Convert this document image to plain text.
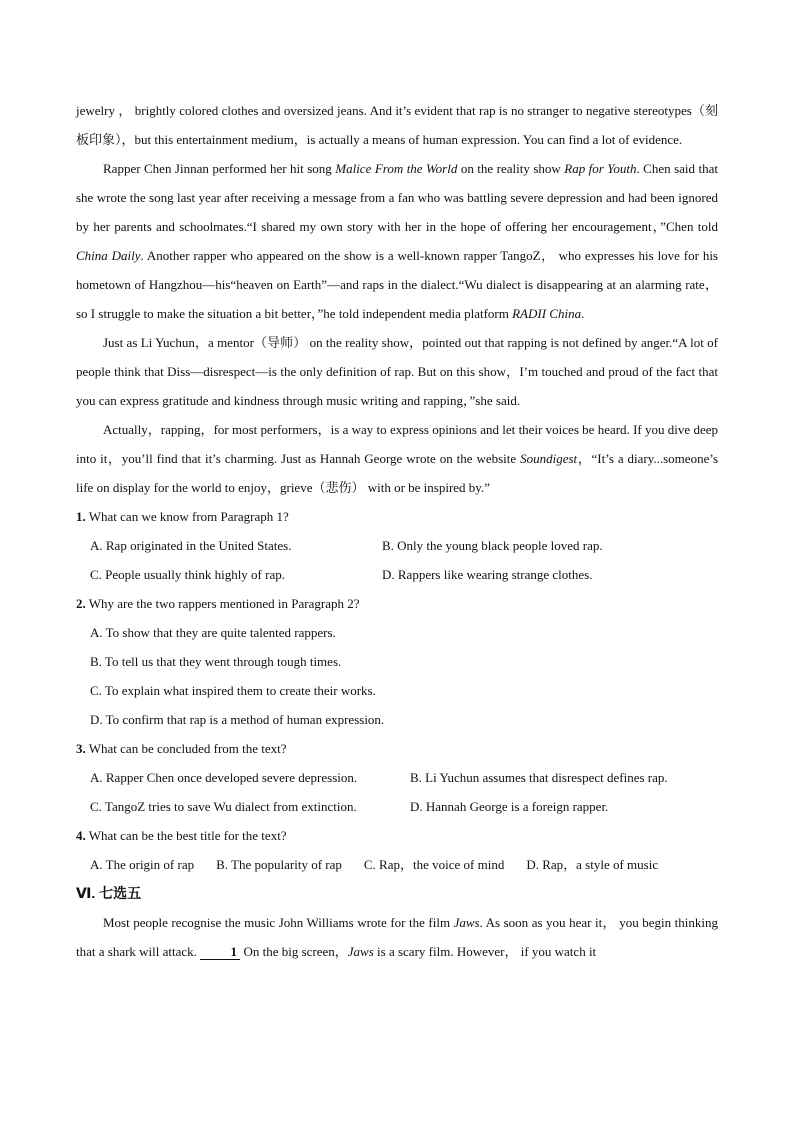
jewelry ， brightly colored clothes and oversized jeans. And it’s evident that rap is no stranger to negative stereotypes（刻板印象），but this entertainment medium，is actually a means of human expression. You can find a lot of evidence.

Rapper Chen Jinnan performed her hit song Malice From the World on the reality show Rap for Youth. Chen said that she wrote the song last year after receiving a message from a fan who was battling severe depression and had been ignored by her parents and schoolmates.“I shared my own story with her in the hope of offering her encouragement，”Chen told China Daily. Another rapper who appeared on the show is a well-known rapper TangoZ， who expresses his love for his hometown of Hangzhou—his“heaven on Earth”—and raps in the dialect.“Wu dialect is disappearing at an alarming rate， so I struggle to make the situation a bit better，”he told independent media platform RADII China.

Just as Li Yuchun，a mentor（导师） on the reality show，pointed out that rapping is not defined by anger.“A lot of people think that Diss—disrespect—is the only definition of rap. But on this show，I’m touched and proud of the fact that you can express gratitude and kindness through music writing and rapping，”she said.

Actually，rapping，for most performers，is a way to express opinions and let their voices be heard. If you dive deep into it，you’ll find that it’s charming. Just as Hannah George wrote on the website Soundigest，“It’s a diary...someone’s life on display for the world to enjoy，grieve（悲伤） with or be inspired by.”

1. What can we know from Paragraph 1?

A. Rap originated in the United States.	B. Only the young black people loved rap.
C. People usually think highly of rap.	D. Rappers like wearing strange clothes.

2. Why are the two rappers mentioned in Paragraph 2?

A. To show that they are quite talented rappers.
B. To tell us that they went through tough times.
C. To explain what inspired them to create their works.
D. To confirm that rap is a method of human expression.

3. What can be concluded from the text?

A. Rapper Chen once developed severe depression.	B. Li Yuchun assumes that disrespect defines rap.
C. TangoZ tries to save Wu dialect from extinction.	D. Hannah George is a foreign rapper.

4. What can be the best title for the text?

A. The origin of rap B. The popularity of rap C. Rap，the voice of mind D. Rap，a style of music

Ⅵ. 七选五

Most people recognise the music John Williams wrote for the film Jaws. As soon as you hear it， you begin thinking that a shark will attack. 1 On the big screen，Jaws is a scary film. However， if you watch it
